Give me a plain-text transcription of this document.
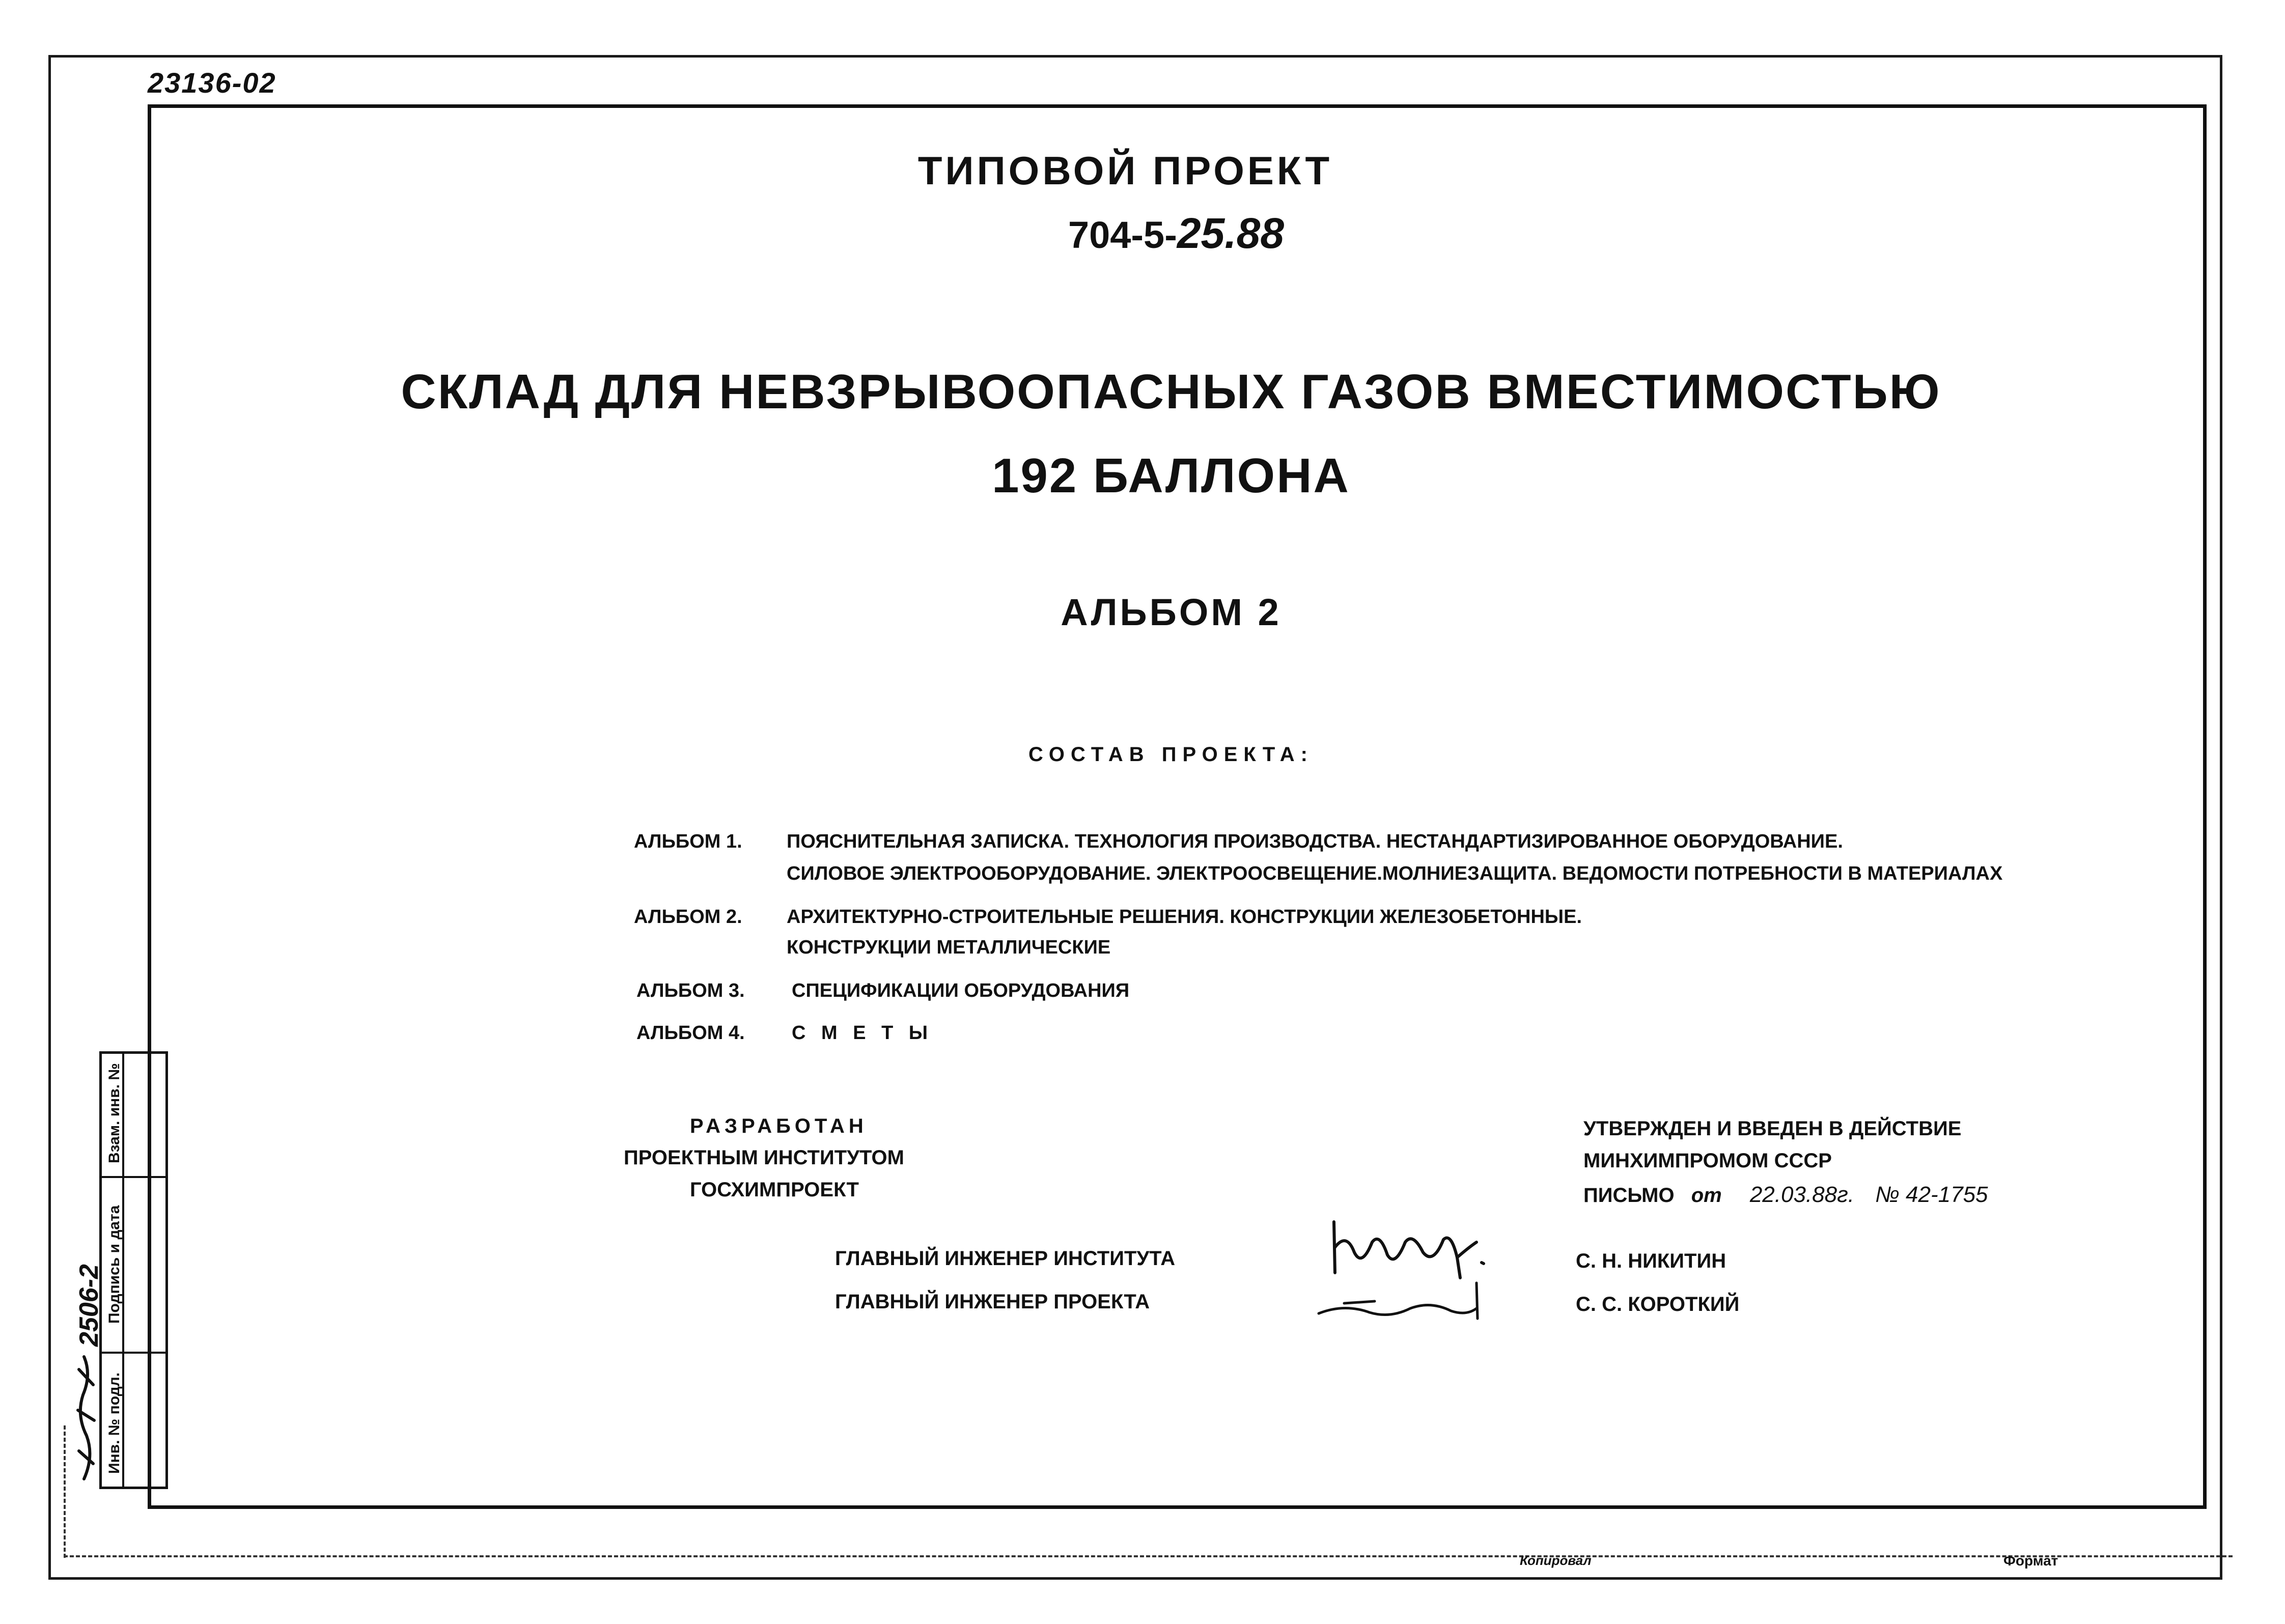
23136-02
ТИПОВОЙ ПРОЕКТ
704-5-25.88
СКЛАД ДЛЯ НЕВЗРЫВООПАСНЫХ ГАЗОВ ВМЕСТИМОСТЬЮ
192 БАЛЛОНА
АЛЬБОМ 2
СОСТАВ ПРОЕКТА:
АЛЬБОМ 1. ПОЯСНИТЕЛЬНАЯ ЗАПИСКА. ТЕХНОЛОГИЯ ПРОИЗВОДСТВА. НЕСТАНДАРТИЗИРОВАННОЕ ОБОРУДОВАНИЕ.
СИЛОВОЕ ЭЛЕКТРООБОРУДОВАНИЕ. ЭЛЕКТРООСВЕЩЕНИЕ.МОЛНИЕЗАЩИТА. ВЕДОМОСТИ ПОТРЕБНОСТИ В МАТЕРИАЛАХ
АЛЬБОМ 2. АРХИТЕКТУРНО-СТРОИТЕЛЬНЫЕ РЕШЕНИЯ. КОНСТРУКЦИИ ЖЕЛЕЗОБЕТОННЫЕ.
КОНСТРУКЦИИ МЕТАЛЛИЧЕСКИЕ
АЛЬБОМ 3. СПЕЦИФИКАЦИИ ОБОРУДОВАНИЯ
АЛЬБОМ 4. С М Е Т Ы
РАЗРАБОТАН
ПРОЕКТНЫМ ИНСТИТУТОМ
ГОСХИМПРОЕКТ
УТВЕРЖДЕН И ВВЕДЕН В ДЕЙСТВИЕ
МИНХИМПРОМОМ СССР
ПИСЬМО от 22.03.88г. № 42-1755
ГЛАВНЫЙ ИНЖЕНЕР ИНСТИТУТА	С. Н. НИКИТИН
ГЛАВНЫЙ ИНЖЕНЕР ПРОЕКТА	С. С. КОРОТКИЙ
Инв. № подл.
Подпись и дата
Взам. инв. №
2506-2
Копировал	Формат
